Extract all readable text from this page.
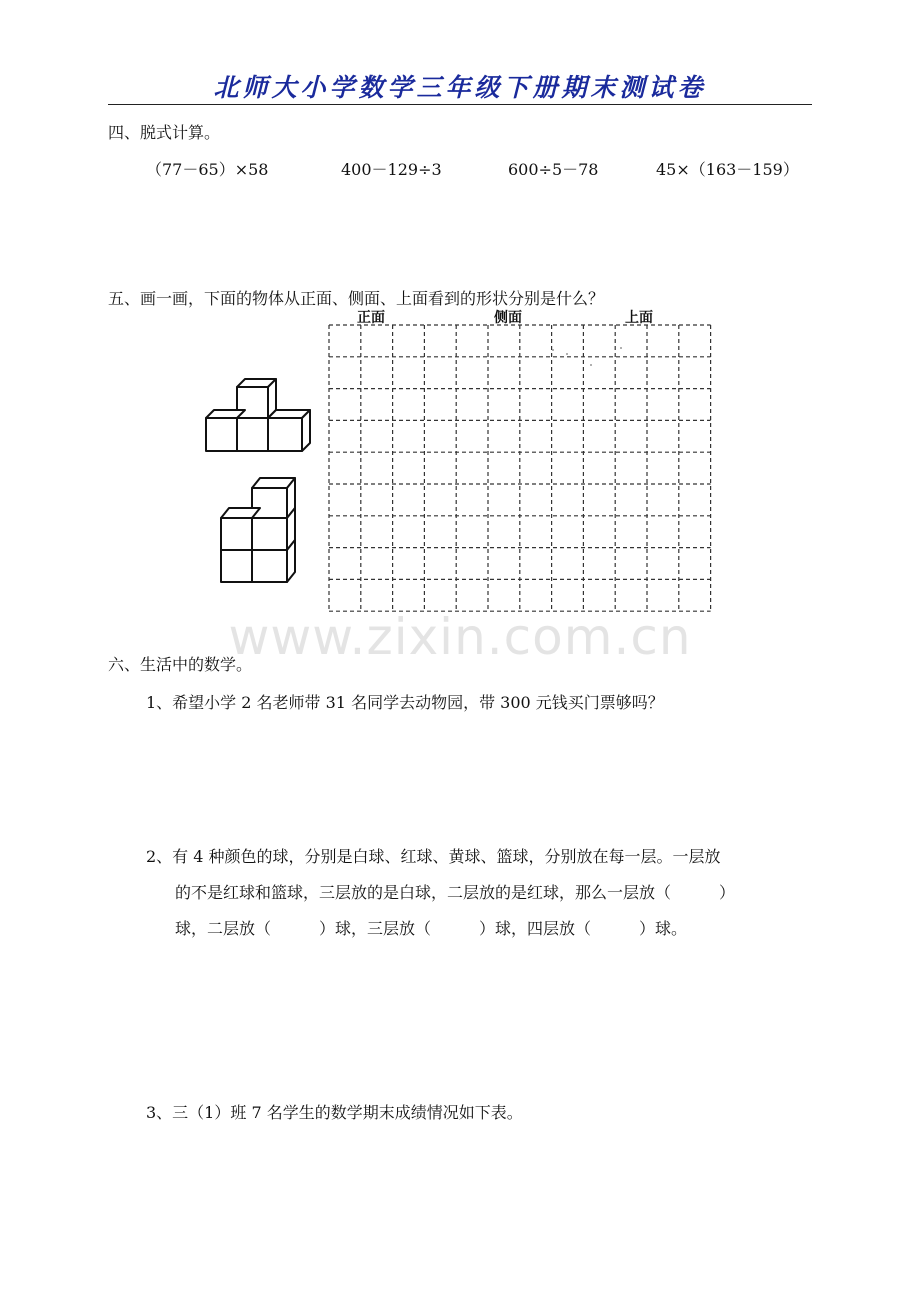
北师大小学数学三年级下册期末测试卷
四、脱式计算。
（77－65）×58	400－129÷3	600÷5－78	45×（163－159）
五、画一画，下面的物体从正面、侧面、上面看到的形状分别是什么？
正面	侧面	上面
www.zixin.com.cn
六、生活中的数学。
1、希望小学 2 名老师带 31 名同学去动物园，带 300 元钱买门票够吗？
2、有 4 种颜色的球，分别是白球、红球、黄球、篮球，分别放在每一层。一层放
的不是红球和篮球，三层放的是白球，二层放的是红球，那么一层放（　　　）
球，二层放（　　　）球，三层放（　　　）球，四层放（　　　）球。
3、三（1）班 7 名学生的数学期末成绩情况如下表。
